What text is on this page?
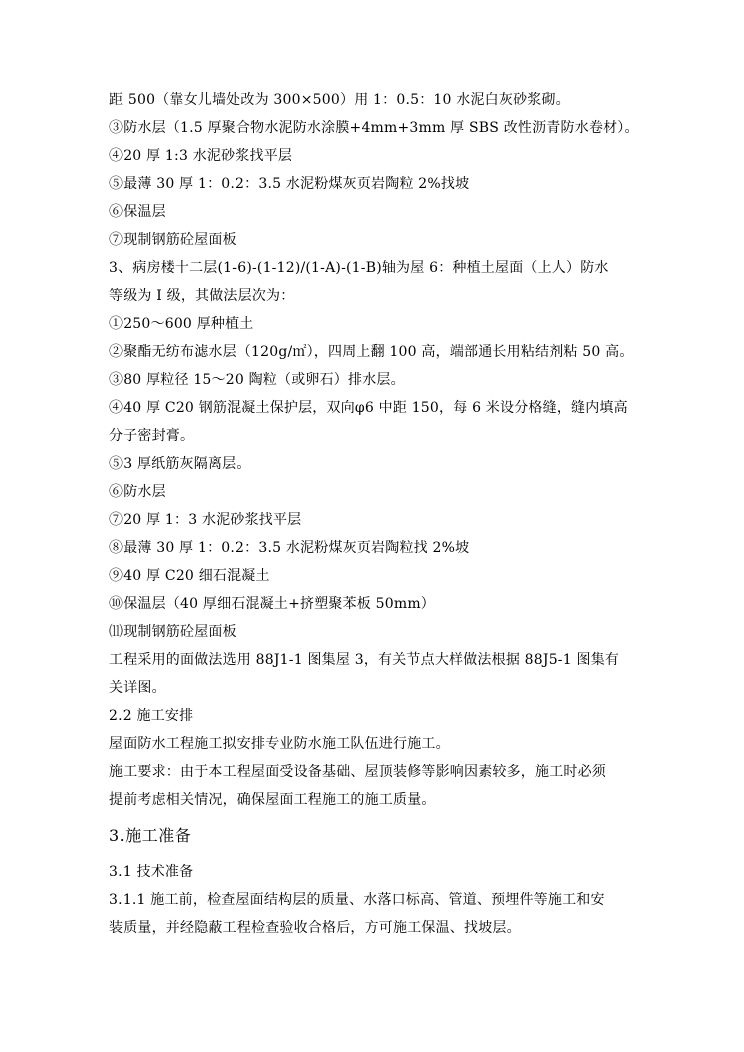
距 500（靠女儿墙处改为 300×500）用 1：0.5：10 水泥白灰砂浆砌。
③防水层（1.5 厚聚合物水泥防水涂膜+4mm+3mm 厚 SBS 改性沥青防水卷材）。
④20 厚 1:3 水泥砂浆找平层
⑤最薄 30 厚 1：0.2：3.5 水泥粉煤灰页岩陶粒 2%找坡
⑥保温层
⑦现制钢筋砼屋面板
3、病房楼十二层(1-6)-(1-12)/(1-A)-(1-B)轴为屋 6：种植土屋面（上人）防水
等级为 I 级，其做法层次为：
①250～600 厚种植土
②聚酯无纺布滤水层（120g/㎡），四周上翻 100 高，端部通长用粘结剂粘 50 高。
③80 厚粒径 15～20 陶粒（或卵石）排水层。
④40 厚 C20 钢筋混凝土保护层，双向φ6 中距 150，每 6 米设分格缝，缝内填高
分子密封膏。
⑤3 厚纸筋灰隔离层。
⑥防水层
⑦20 厚 1：3 水泥砂浆找平层
⑧最薄 30 厚 1：0.2：3.5 水泥粉煤灰页岩陶粒找 2%坡
⑨40 厚 C20 细石混凝土
⑩保温层（40 厚细石混凝土+挤塑聚苯板 50mm）
⑾现制钢筋砼屋面板
工程采用的面做法选用 88J1-1 图集屋 3，有关节点大样做法根据 88J5-1 图集有
关详图。
2.2 施工安排
屋面防水工程施工拟安排专业防水施工队伍进行施工。
施工要求：由于本工程屋面受设备基础、屋顶装修等影响因素较多，施工时必须
提前考虑相关情况，确保屋面工程施工的施工质量。
3.施工准备
3.1 技术准备
3.1.1 施工前，检查屋面结构层的质量、水落口标高、管道、预埋件等施工和安
装质量，并经隐蔽工程检查验收合格后，方可施工保温、找坡层。
